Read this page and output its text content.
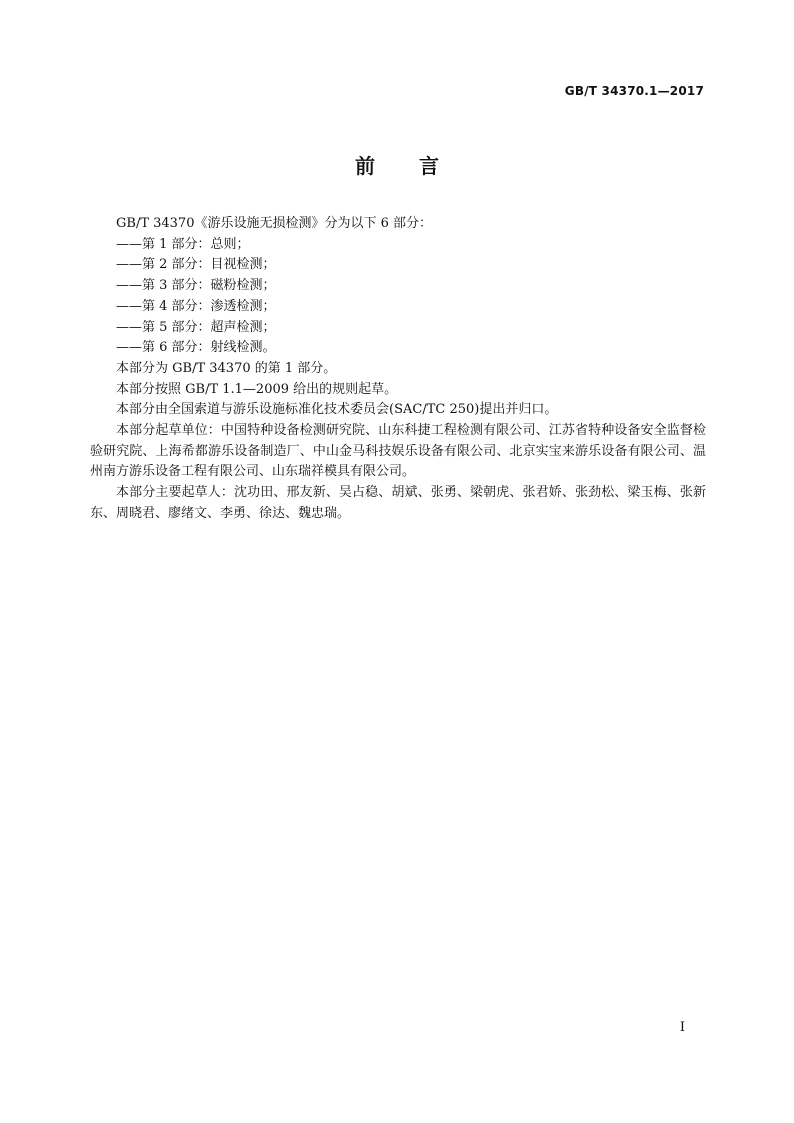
GB/T 34370.1—2017
前言

GB/T 34370《游乐设施无损检测》分为以下 6 部分：

——第 1 部分：总则；
——第 2 部分：目视检测；
——第 3 部分：磁粉检测；
——第 4 部分：渗透检测；
——第 5 部分：超声检测；
——第 6 部分：射线检测。

本部分为 GB/T 34370 的第 1 部分。

本部分按照 GB/T 1.1—2009 给出的规则起草。

本部分由全国索道与游乐设施标准化技术委员会(SAC/TC 250)提出并归口。

本部分起草单位：中国特种设备检测研究院、山东科捷工程检测有限公司、江苏省特种设备安全监督检验研究院、上海希都游乐设备制造厂、中山金马科技娱乐设备有限公司、北京实宝来游乐设备有限公司、温州南方游乐设备工程有限公司、山东瑞祥模具有限公司。

本部分主要起草人：沈功田、邢友新、吴占稳、胡斌、张勇、梁朝虎、张君娇、张劲松、梁玉梅、张新东、周晓君、廖绪文、李勇、徐达、魏忠瑞。

I
